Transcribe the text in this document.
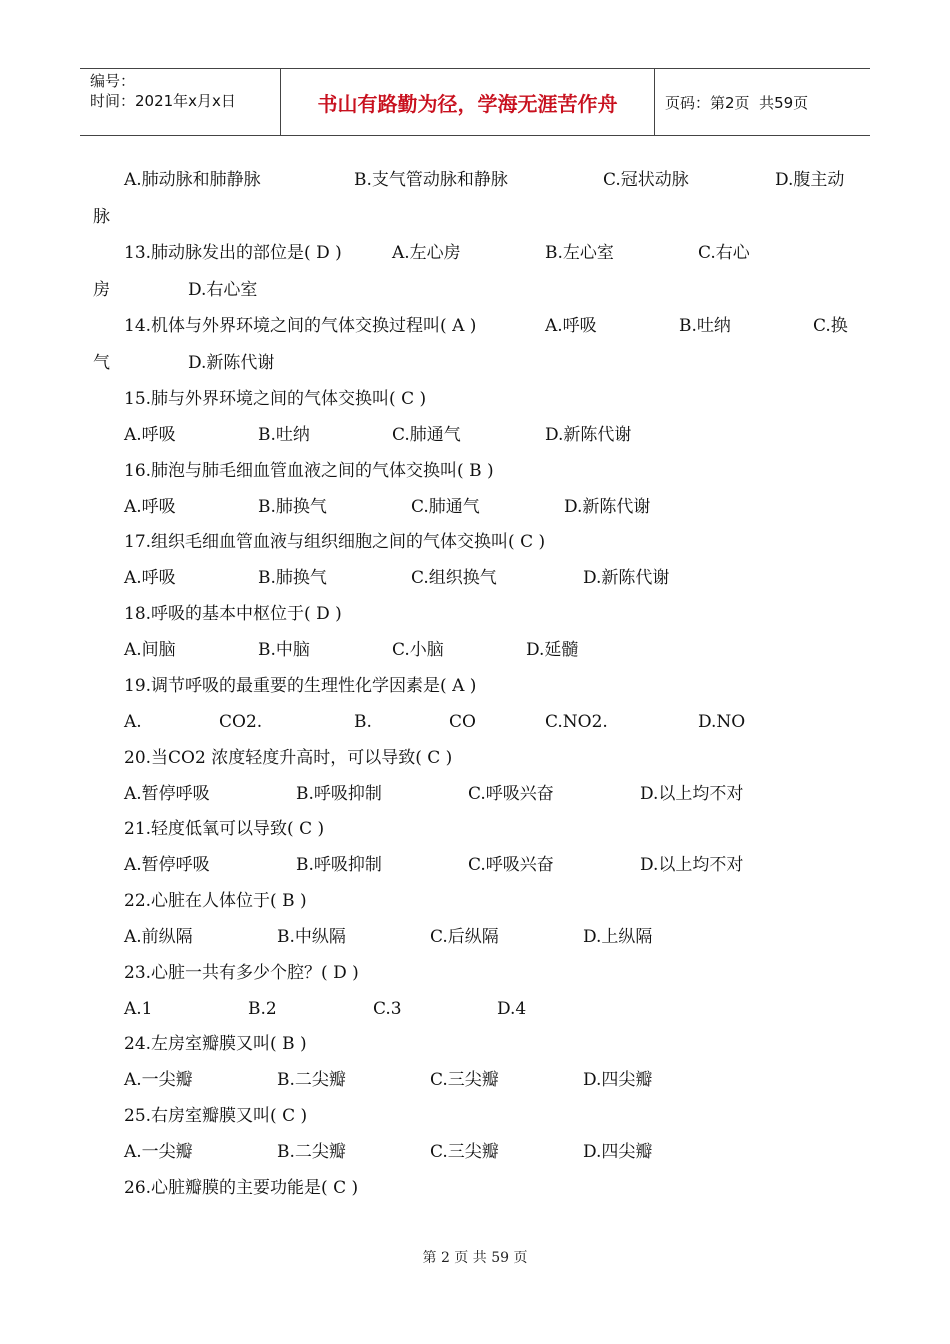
编号：
时间：2021年x月x日	书山有路勤为径，学海无涯苦作舟	页码：第2页  共59页
A.肺动脉和肺静脉	B.支气管动脉和静脉	C.冠状动脉	D.腹主动
脉
13.肺动脉发出的部位是( D )	A.左心房	B.左心室	C.右心
房	D.右心室
14.机体与外界环境之间的气体交换过程叫( A )	A.呼吸	B.吐纳	C.换
气	D.新陈代谢
15.肺与外界环境之间的气体交换叫( C )
A.呼吸	B.吐纳	C.肺通气	D.新陈代谢
16.肺泡与肺毛细血管血液之间的气体交换叫( B )
A.呼吸	B.肺换气	C.肺通气	D.新陈代谢
17.组织毛细血管血液与组织细胞之间的气体交换叫( C )
A.呼吸	B.肺换气	C.组织换气	D.新陈代谢
18.呼吸的基本中枢位于( D )
A.间脑	B.中脑	C.小脑	D.延髓
19.调节呼吸的最重要的生理性化学因素是( A )
A.	CO2.	B.	CO	C.NO2.	D.NO
20.当CO2 浓度轻度升高时，可以导致( C )
A.暂停呼吸	B.呼吸抑制	C.呼吸兴奋	D.以上均不对
21.轻度低氧可以导致( C )
A.暂停呼吸	B.呼吸抑制	C.呼吸兴奋	D.以上均不对
22.心脏在人体位于( B )
A.前纵隔	B.中纵隔	C.后纵隔	D.上纵隔
23.心脏一共有多少个腔？( D )
A.1	B.2	C.3	D.4
24.左房室瓣膜又叫( B )
A.一尖瓣	B.二尖瓣	C.三尖瓣	D.四尖瓣
25.右房室瓣膜又叫( C )
A.一尖瓣	B.二尖瓣	C.三尖瓣	D.四尖瓣
26.心脏瓣膜的主要功能是( C )
第 2 页 共 59 页
